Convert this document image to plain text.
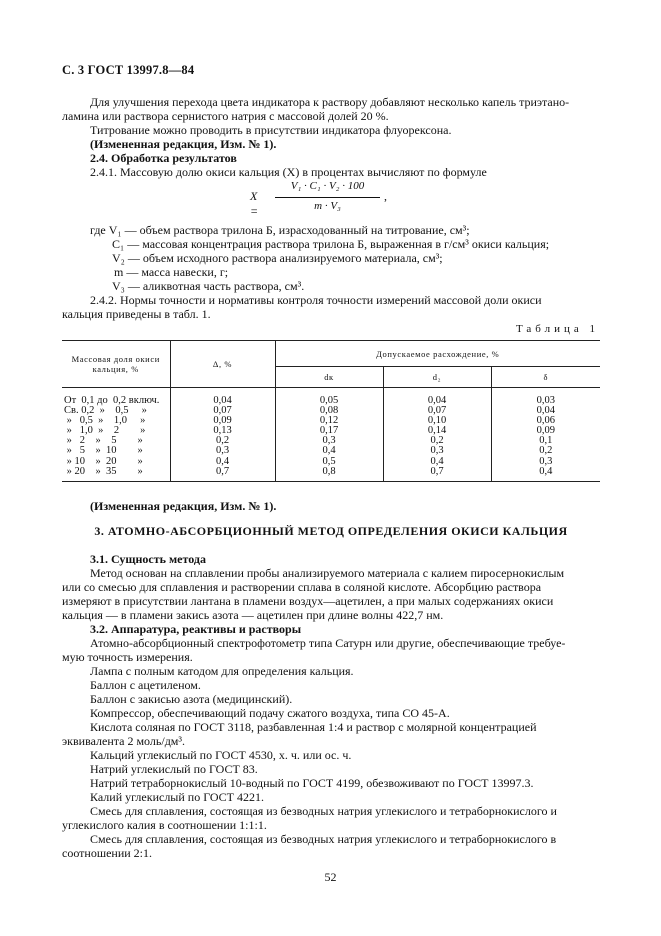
С. 3 ГОСТ 13997.8—84
Для улучшения перехода цвета индикатора к раствору добавляют несколько капель триэтано-
ламина или раствора сернистого натрия с массовой долей 20 %.
Титрование можно проводить в присутствии индикатора флуорексона.
(Измененная редакция, Изм. № 1).
2.4. Обработка результатов
2.4.1. Массовую долю окиси кальция (X) в процентах вычисляют по формуле
X =
V₁ · C₁ · V₂ · 100
m · V₃
,
где V₁ — объем раствора трилона Б, израсходованный на титрование, см³;
C₁ — массовая концентрация раствора трилона Б, выраженная в г/см³ окиси кальция;
V₂ — объем исходного раствора анализируемого материала, см³;
m — масса навески, г;
V₃ — аликвотная часть раствора, см³.
2.4.2. Нормы точности и нормативы контроля точности измерений массовой доли окиси
кальция приведены в табл. 1.
Таблица 1
Массовая доля окиси кальция, %	Δ, %	Допускаемое расхождение, %		
		dк	d₂	δ
От  0,1 до  0,2 включ.	0,04	0,05	0,04	0,03
Св. 0,2  »    0,5     »	0,07	0,08	0,07	0,04
»   0,5  »    1,0     »	0,09	0,12	0,10	0,06
»   1,0  »    2        »	0,13	0,17	0,14	0,09
»   2    »    5        »	0,2	0,3	0,2	0,1
»   5    »  10        »	0,3	0,4	0,3	0,2
» 10    »  20        »	0,4	0,5	0,4	0,3
» 20    »  35        »	0,7	0,8	0,7	0,4
(Измененная редакция, Изм. № 1).
3. АТОМНО-АБСОРБЦИОННЫЙ МЕТОД ОПРЕДЕЛЕНИЯ ОКИСИ КАЛЬЦИЯ
3.1. Сущность метода
Метод основан на сплавлении пробы анализируемого материала с калием пиросернокислым
или со смесью для сплавления и растворении сплава в соляной кислоте. Абсорбцию раствора
измеряют в присутствии лантана в пламени воздух—ацетилен, а при малых содержаниях окиси
кальция — в пламени закись азота — ацетилен при длине волны 422,7 нм.
3.2. Аппаратура, реактивы и растворы
Атомно-абсорбционный спектрофотометр типа Сатурн или другие, обеспечивающие требуе-
мую точность измерения.
Лампа с полным катодом для определения кальция.
Баллон с ацетиленом.
Баллон с закисью азота (медицинский).
Компрессор, обеспечивающий подачу сжатого воздуха, типа СО 45-А.
Кислота соляная по ГОСТ 3118, разбавленная 1:4 и раствор с молярной концентрацией
эквивалента 2 моль/дм³.
Кальций углекислый по ГОСТ 4530, х. ч. или ос. ч.
Натрий углекислый по ГОСТ 83.
Натрий тетраборнокислый 10-водный по ГОСТ 4199, обезвоживают по ГОСТ 13997.3.
Калий углекислый по ГОСТ 4221.
Смесь для сплавления, состоящая из безводных натрия углекислого и тетраборнокислого и
углекислого калия в соотношении 1:1:1.
Смесь для сплавления, состоящая из безводных натрия углекислого и тетраборнокислого в
соотношении 2:1.
52
